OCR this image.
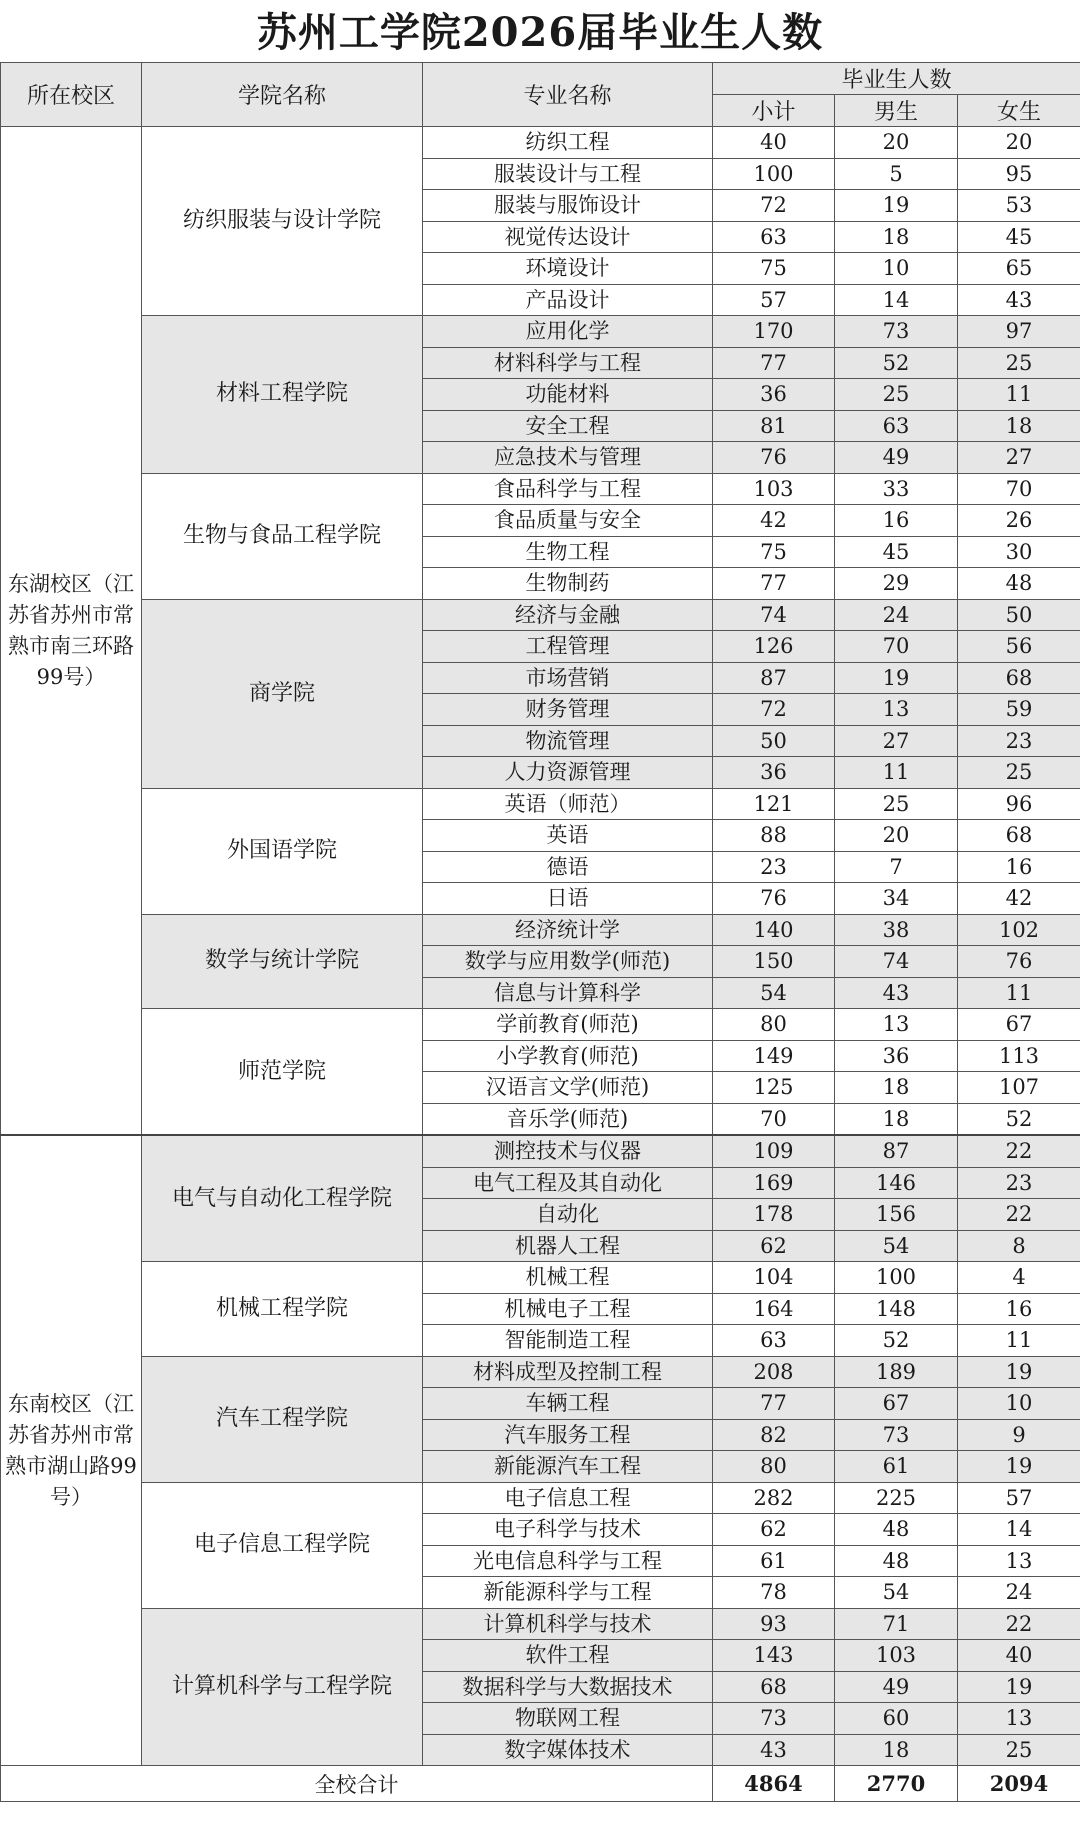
苏州工学院2026届毕业生人数
所在校区	学院名称	专业名称	毕业生人数		
			小计	男生	女生
东湖校区（江苏省苏州市常熟市南三环路99号）	纺织服装与设计学院	纺织工程	40	20	20
		服装设计与工程	100	5	95
		服装与服饰设计	72	19	53
		视觉传达设计	63	18	45
		环境设计	75	10	65
		产品设计	57	14	43
	材料工程学院	应用化学	170	73	97
		材料科学与工程	77	52	25
		功能材料	36	25	11
		安全工程	81	63	18
		应急技术与管理	76	49	27
	生物与食品工程学院	食品科学与工程	103	33	70
		食品质量与安全	42	16	26
		生物工程	75	45	30
		生物制药	77	29	48
	商学院	经济与金融	74	24	50
		工程管理	126	70	56
		市场营销	87	19	68
		财务管理	72	13	59
		物流管理	50	27	23
		人力资源管理	36	11	25
	外国语学院	英语（师范）	121	25	96
		英语	88	20	68
		德语	23	7	16
		日语	76	34	42
	数学与统计学院	经济统计学	140	38	102
		数学与应用数学(师范)	150	74	76
		信息与计算科学	54	43	11
	师范学院	学前教育(师范)	80	13	67
		小学教育(师范)	149	36	113
		汉语言文学(师范)	125	18	107
		音乐学(师范)	70	18	52
东南校区（江苏省苏州市常熟市湖山路99号）	电气与自动化工程学院	测控技术与仪器	109	87	22
		电气工程及其自动化	169	146	23
		自动化	178	156	22
		机器人工程	62	54	8
	机械工程学院	机械工程	104	100	4
		机械电子工程	164	148	16
		智能制造工程	63	52	11
	汽车工程学院	材料成型及控制工程	208	189	19
		车辆工程	77	67	10
		汽车服务工程	82	73	9
		新能源汽车工程	80	61	19
	电子信息工程学院	电子信息工程	282	225	57
		电子科学与技术	62	48	14
		光电信息科学与工程	61	48	13
		新能源科学与工程	78	54	24
	计算机科学与工程学院	计算机科学与技术	93	71	22
		软件工程	143	103	40
		数据科学与大数据技术	68	49	19
		物联网工程	73	60	13
		数字媒体技术	43	18	25
全校合计			4864	2770	2094
